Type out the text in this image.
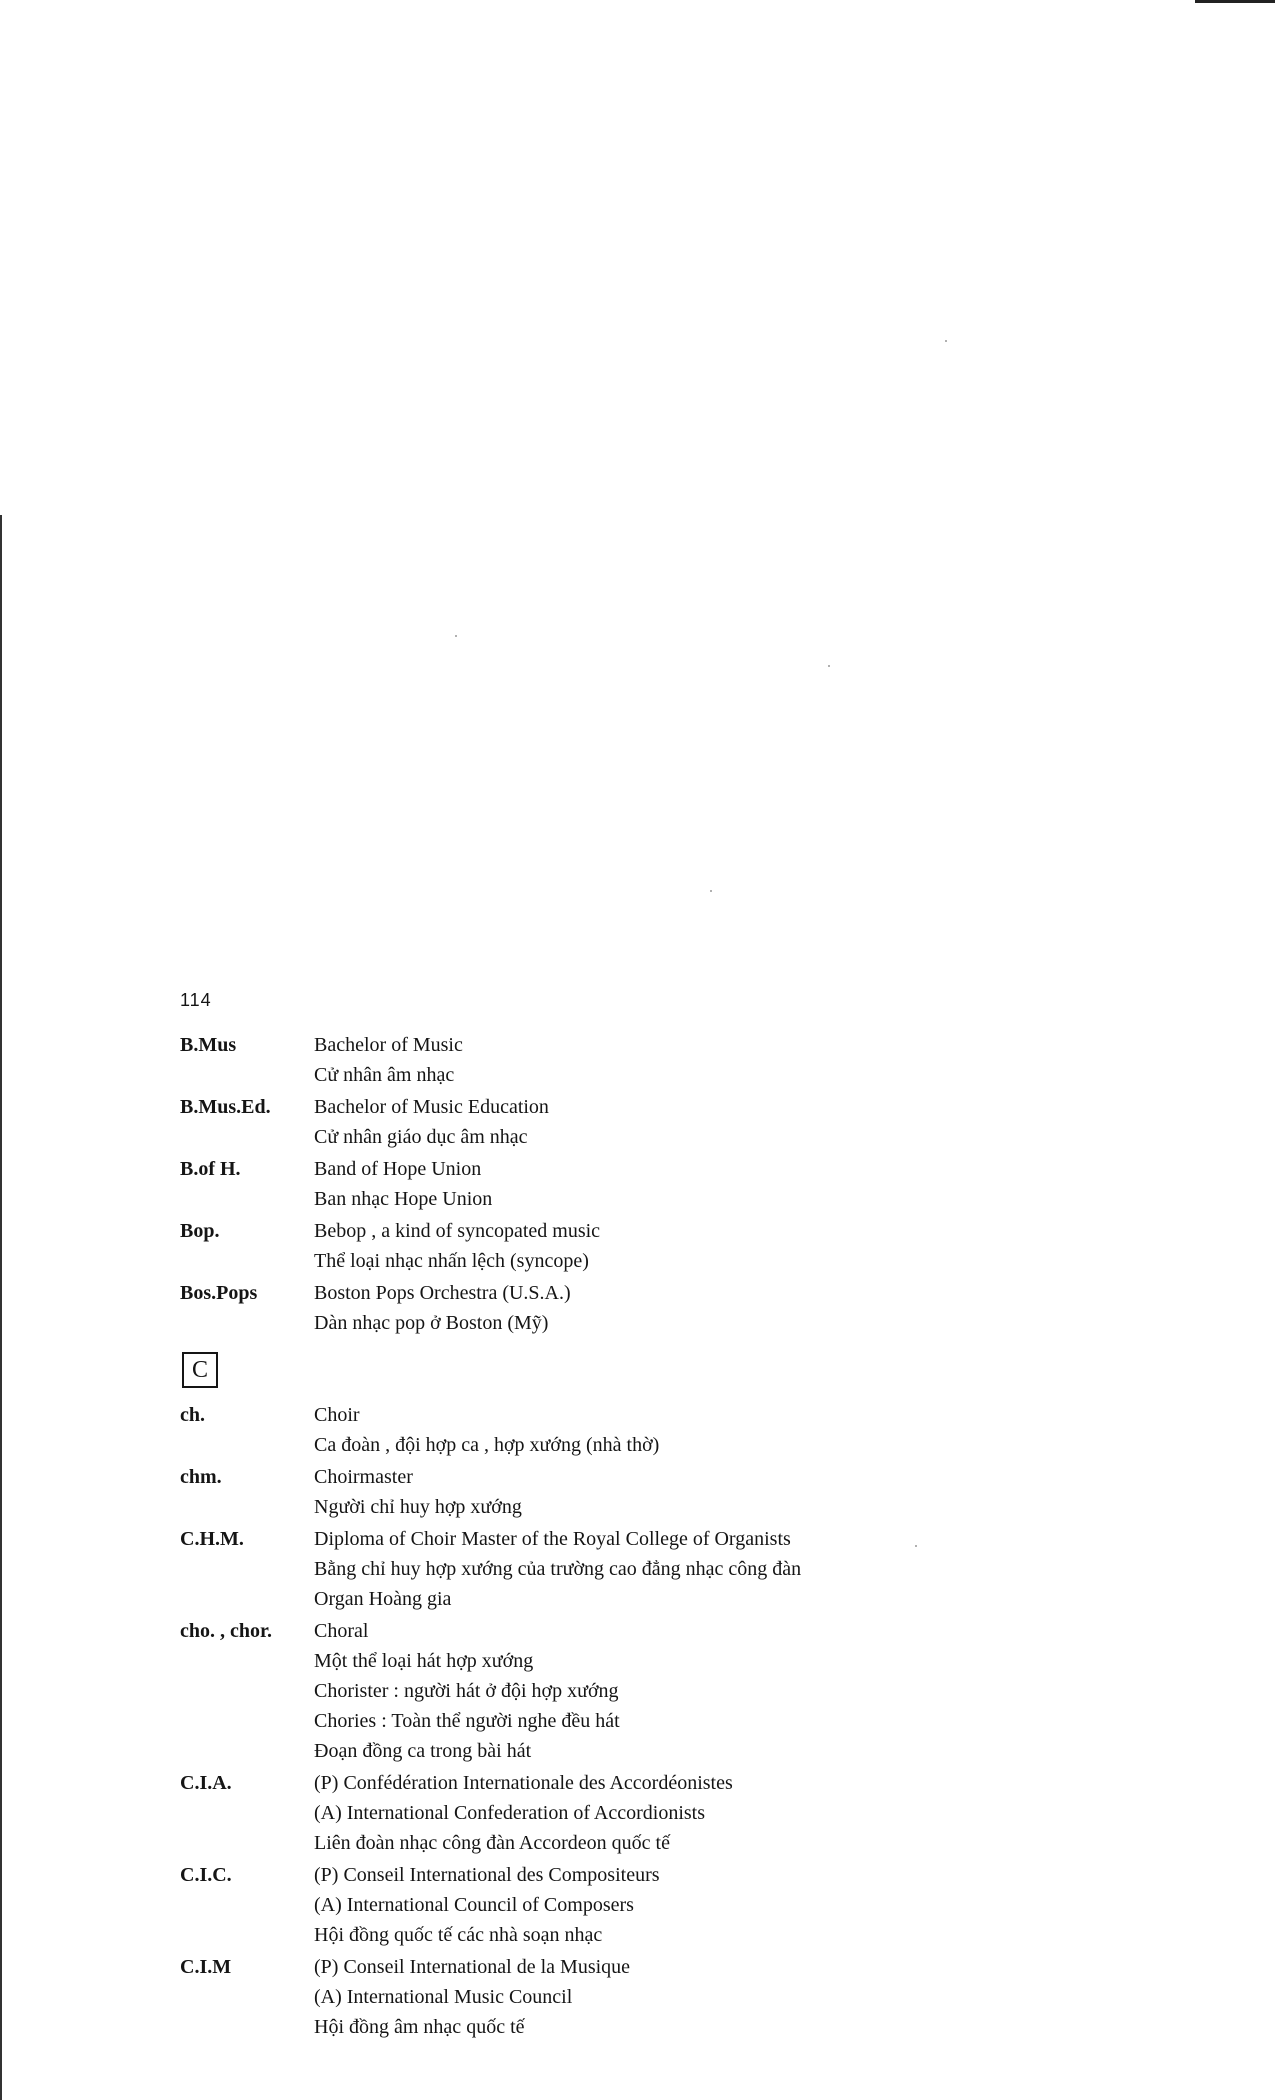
114
B.Mus	Bachelor of Music
Cử nhân âm nhạc
B.Mus.Ed.	Bachelor of Music Education
Cử nhân giáo dục âm nhạc
B.of H.	Band of Hope Union
Ban nhạc Hope Union
Bop.	Bebop , a kind of syncopated music
Thể loại nhạc nhấn lệch (syncope)
Bos.Pops	Boston Pops Orchestra (U.S.A.)
Dàn nhạc pop ở Boston (Mỹ)
C
ch.	Choir
Ca đoàn , đội hợp ca , hợp xướng (nhà thờ)
chm.	Choirmaster
Người chỉ huy hợp xướng
C.H.M.	Diploma of Choir Master of the Royal College of Organists
Bằng chỉ huy hợp xướng của trường cao đẳng nhạc công đàn
Organ Hoàng gia
cho. , chor.	Choral
Một thể loại hát hợp xướng
Chorister : người hát ở đội hợp xướng
Chories : Toàn thể người nghe đều hát
Đoạn đồng ca trong bài hát
C.I.A.	(P) Confédération Internationale des Accordéonistes
(A) International Confederation of Accordionists
Liên đoàn nhạc công đàn Accordeon quốc tế
C.I.C.	(P) Conseil International des Compositeurs
(A) International Council of Composers
Hội đồng quốc tế các nhà soạn nhạc
C.I.M	(P) Conseil International de la Musique
(A) International Music Council
Hội đồng âm nhạc quốc tế
